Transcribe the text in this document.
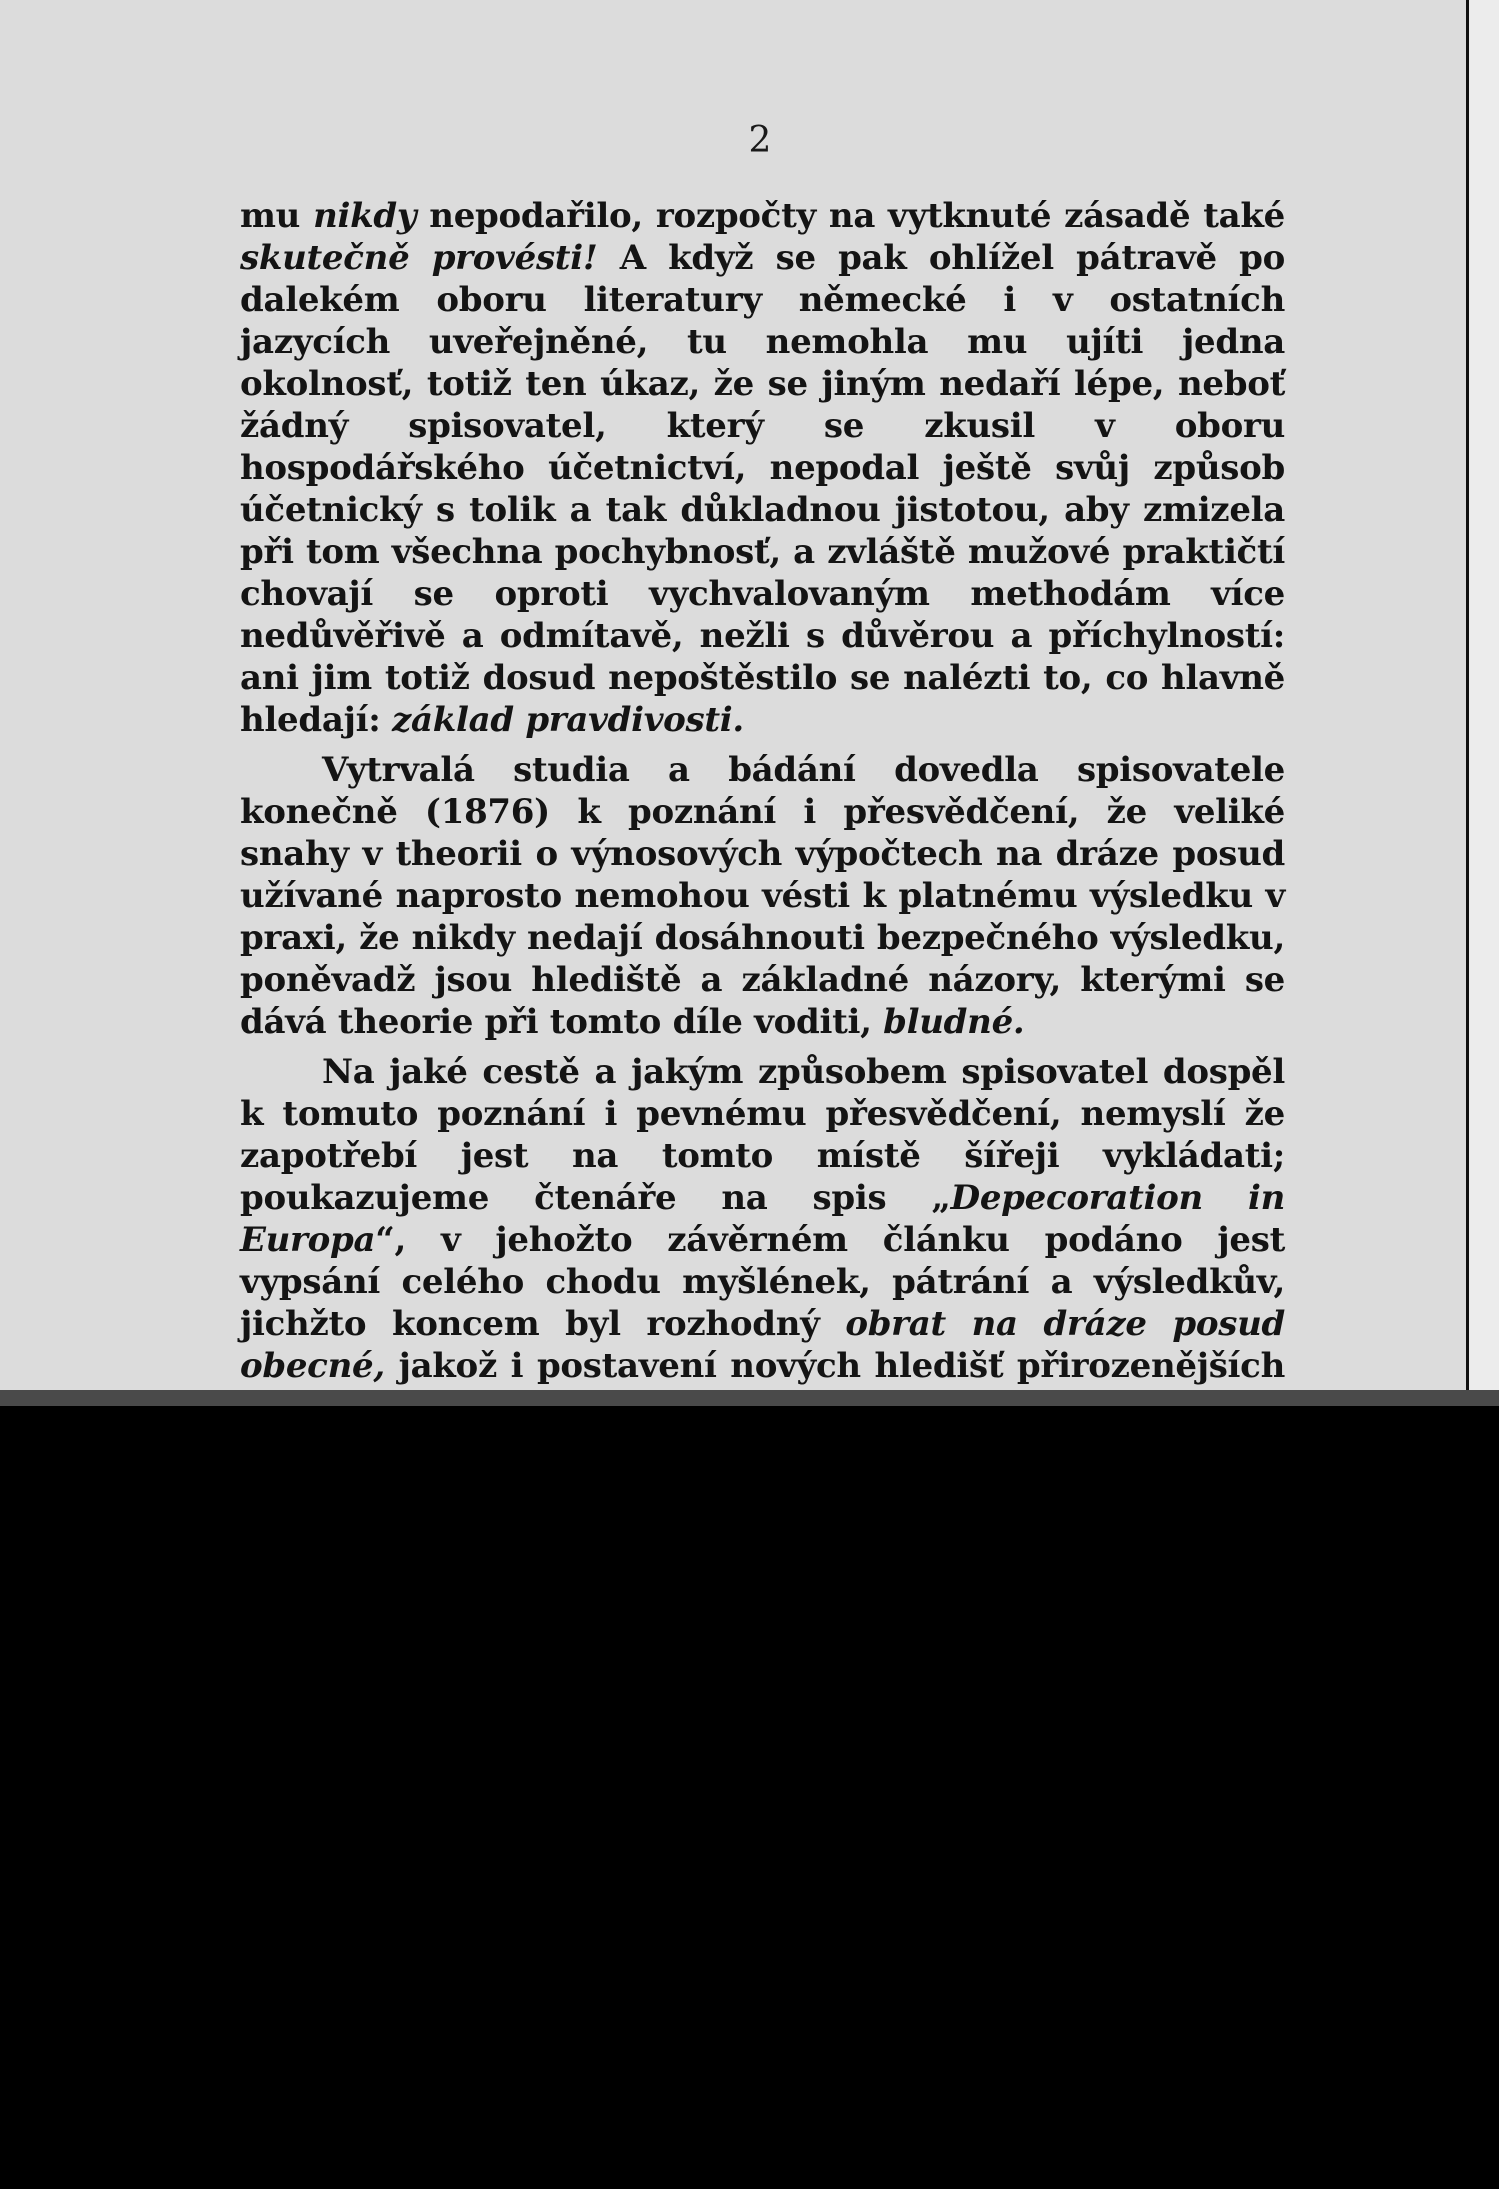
2

mu nikdy nepodařilo, rozpočty na vytknuté zásadě také skutečně provésti! A když se pak ohlížel pátravě po dalekém oboru literatury německé i v ostatních jazycích uveřejněné, tu nemohla mu ujíti jedna okolnosť, totiž ten úkaz, že se jiným nedaří lépe, neboť žádný spisovatel, který se zkusil v oboru hospodářského účetnictví, nepodal ještě svůj způsob účetnický s tolik a tak důkladnou jistotou, aby zmizela při tom všechna pochybnosť, a zvláště mužové praktičtí chovají se oproti vychvalovaným methodám více nedůvěřivě a odmítavě, nežli s důvěrou a příchylností: ani jim totiž dosud nepoštěstilo se nalézti to, co hlavně hledají: základ pravdivosti.

Vytrvalá studia a bádání dovedla spisovatele konečně (1876) k poznání i přesvědčení, že veliké snahy v theorii o výnosových výpočtech na dráze posud užívané naprosto nemohou vésti k platnému výsledku v praxi, že nikdy nedají dosáhnouti bezpečného výsledku, poněvadž jsou hlediště a základné názory, kterými se dává theorie při tomto díle voditi, bludné.

Na jaké cestě a jakým způsobem spisovatel dospěl k tomuto poznání i pevnému přesvědčení, nemyslí že zapotřebí jest na tomto místě šířeji vykládati; poukazujeme čtenáře na spis „Depecoration in Europa“, v jehožto závěrném článku podáno jest vypsání celého chodu myšlének, pátrání a výsledkův, jichžto koncem byl rozhodný obrat na dráze posud obecné, jakož i postavení nových hledišť přirozenějších
